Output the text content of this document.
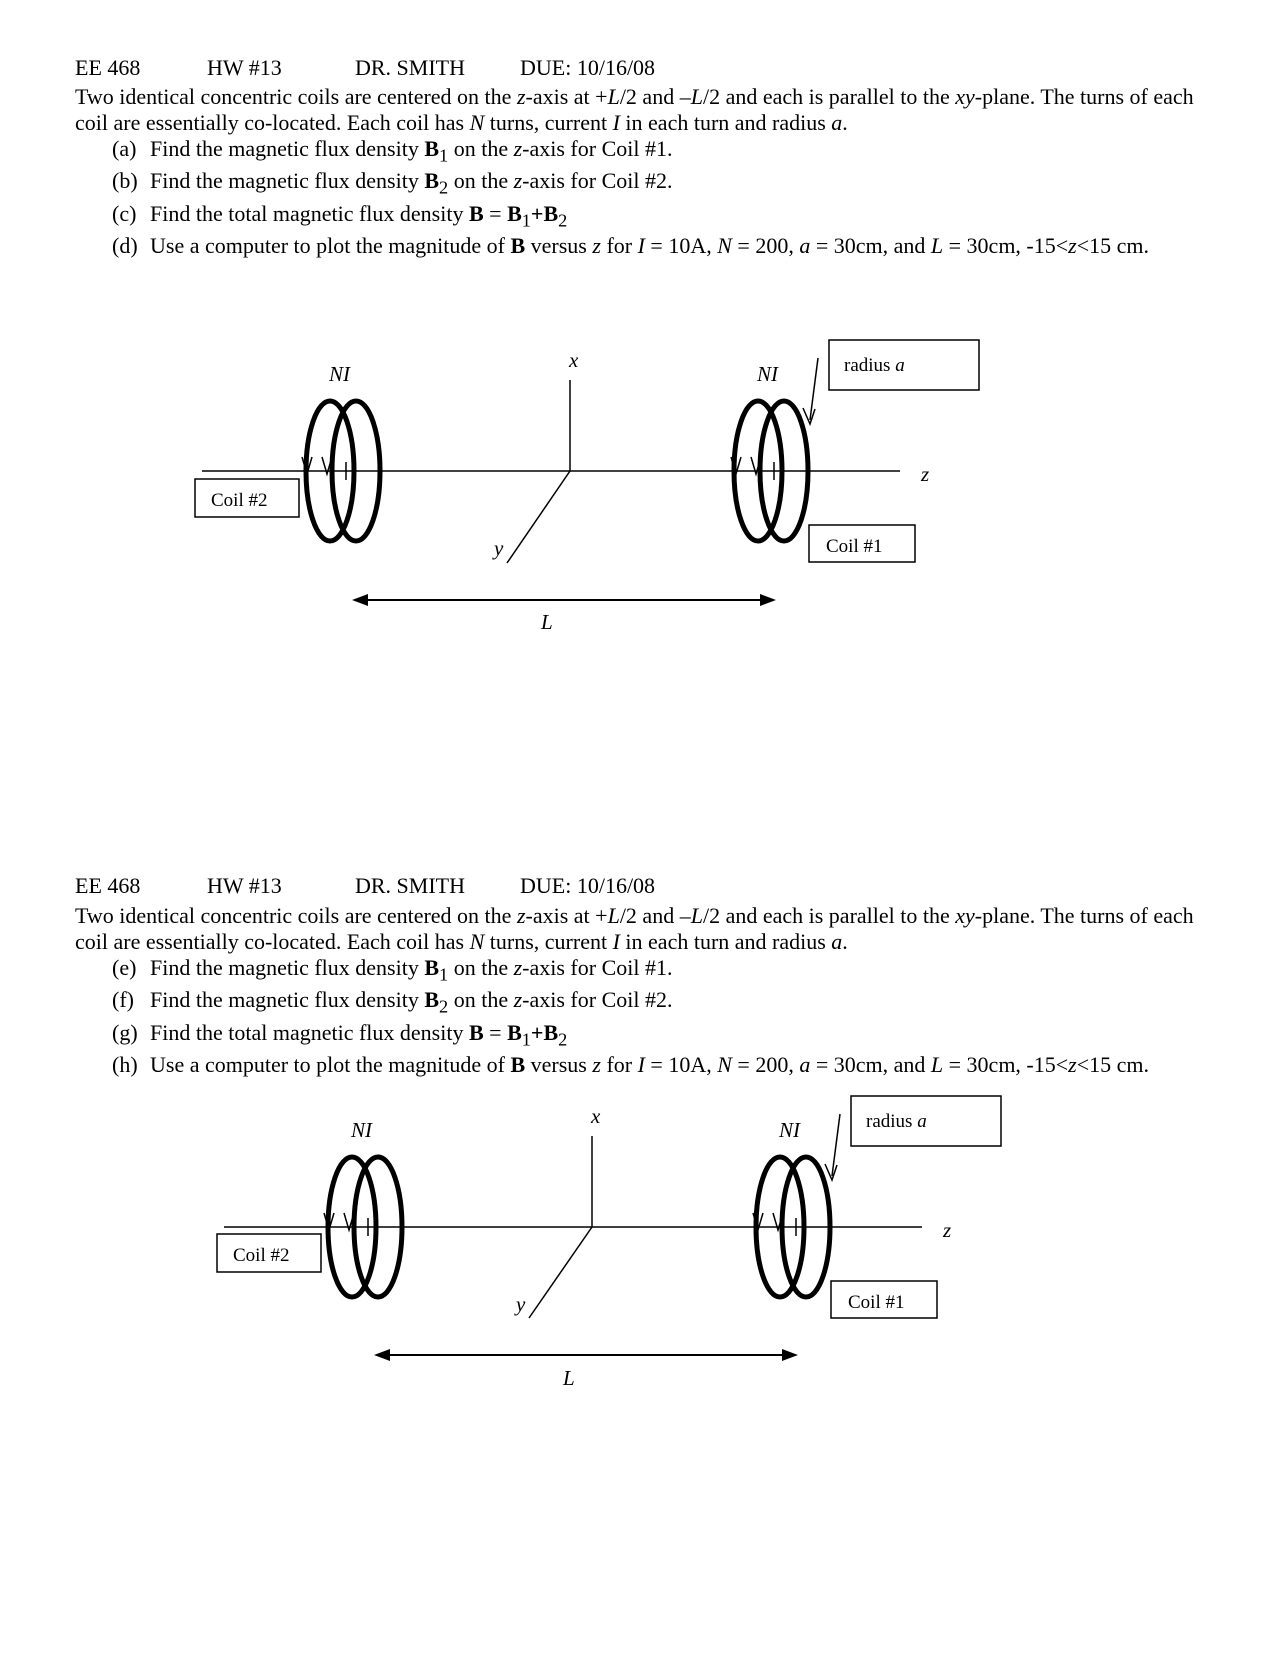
EE 468	HW #13	DR. SMITH DUE: 10/16/08
Two identical concentric coils are centered on the z-axis at +L/2 and –L/2 and each is parallel to the xy-plane. The turns of each coil are essentially co-located. Each coil has N turns, current I in each turn and radius a.
(a) Find the magnetic flux density $B_1$ on the z-axis for Coil #1.
(b) Find the magnetic flux density $B_2$ on the z-axis for Coil #2.
(c) Find the total magnetic flux density $B = B_1+B_2$
(d) Use a computer to plot the magnitude of B versus z for I = 10A, N = 200, a = 30cm, and L = 30cm, -15<z<15 cm.
NI	NI
x
y
z
L
Coil #2
Coil #1
radius a
EE 468	HW #13	DR. SMITH DUE: 10/16/08
Two identical concentric coils are centered on the z-axis at +L/2 and –L/2 and each is parallel to the xy-plane. The turns of each coil are essentially co-located. Each coil has N turns, current I in each turn and radius a.
(e) Find the magnetic flux density $B_1$ on the z-axis for Coil #1.
(f) Find the magnetic flux density $B_2$ on the z-axis for Coil #2.
(g) Find the total magnetic flux density $B = B_1+B_2$
(h) Use a computer to plot the magnitude of B versus z for I = 10A, N = 200, a = 30cm, and L = 30cm, -15<z<15 cm.
NI	NI
x
y
z
L
Coil #2
Coil #1
radius a
